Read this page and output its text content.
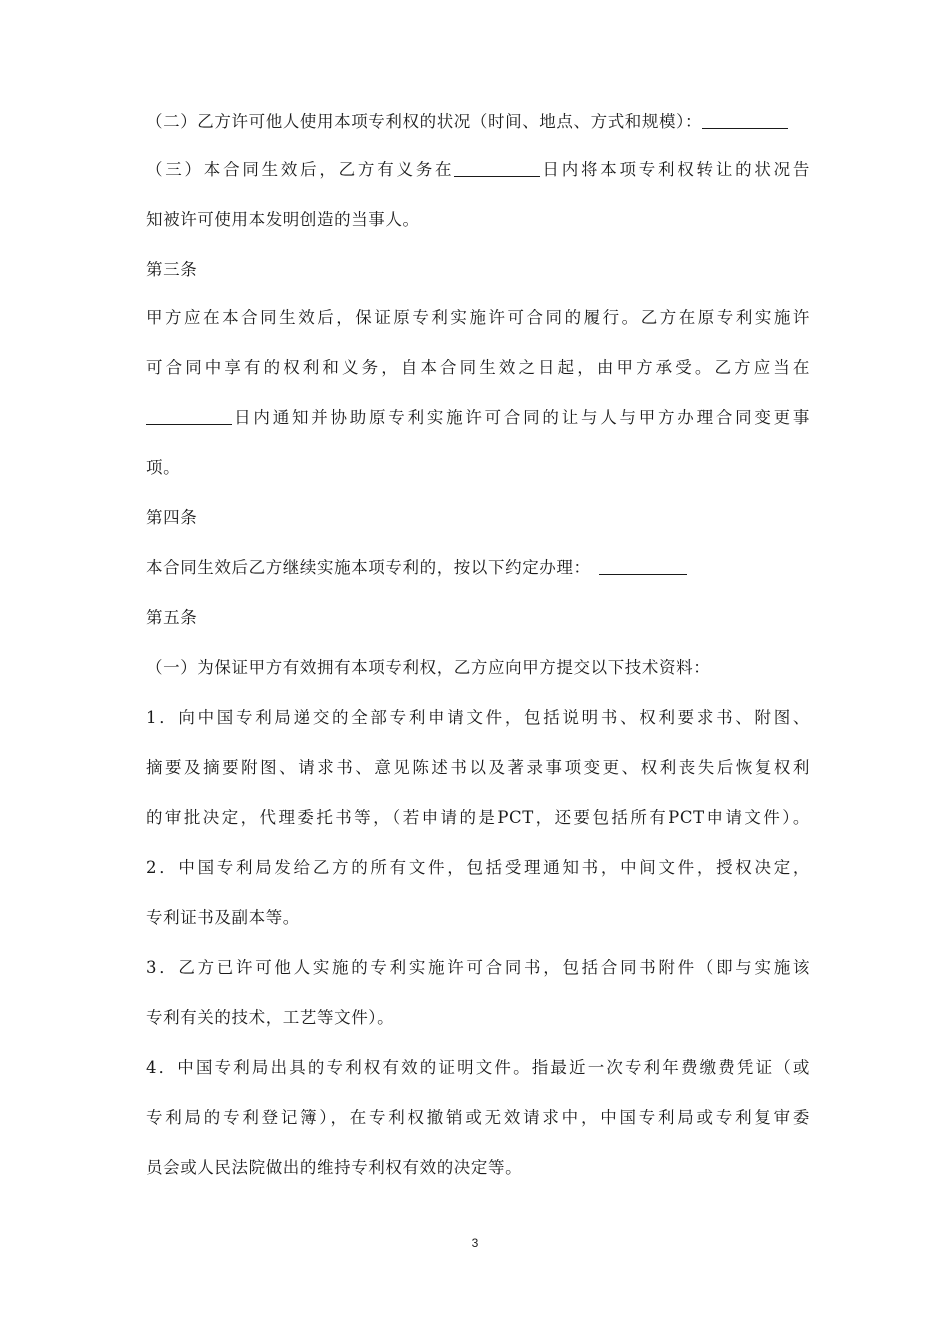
（二）乙方许可他人使用本项专利权的状况（时间、地点、方式和规模）：
（三）本合同生效后，乙方有义务在	日内将本项专利权转让的状况告
知被许可使用本发明创造的当事人。
第三条
甲方应在本合同生效后，保证原专利实施许可合同的履行。乙方在原专利实施许
可合同中享有的权利和义务，自本合同生效之日起，由甲方承受。乙方应当在
日内通知并协助原专利实施许可合同的让与人与甲方办理合同变更事
项。
第四条
本合同生效后乙方继续实施本项专利的，按以下约定办理：
第五条
（一）为保证甲方有效拥有本项专利权，乙方应向甲方提交以下技术资料：
1．向中国专利局递交的全部专利申请文件，包括说明书、权利要求书、附图、
摘要及摘要附图、请求书、意见陈述书以及著录事项变更、权利丧失后恢复权利
的审批决定，代理委托书等，（若申请的是PCT，还要包括所有PCT申请文件）。
2．中国专利局发给乙方的所有文件，包括受理通知书，中间文件，授权决定，
专利证书及副本等。
3．乙方已许可他人实施的专利实施许可合同书，包括合同书附件（即与实施该
专利有关的技术，工艺等文件）。
4．中国专利局出具的专利权有效的证明文件。指最近一次专利年费缴费凭证（或
专利局的专利登记簿），在专利权撤销或无效请求中，中国专利局或专利复审委
员会或人民法院做出的维持专利权有效的决定等。
3
